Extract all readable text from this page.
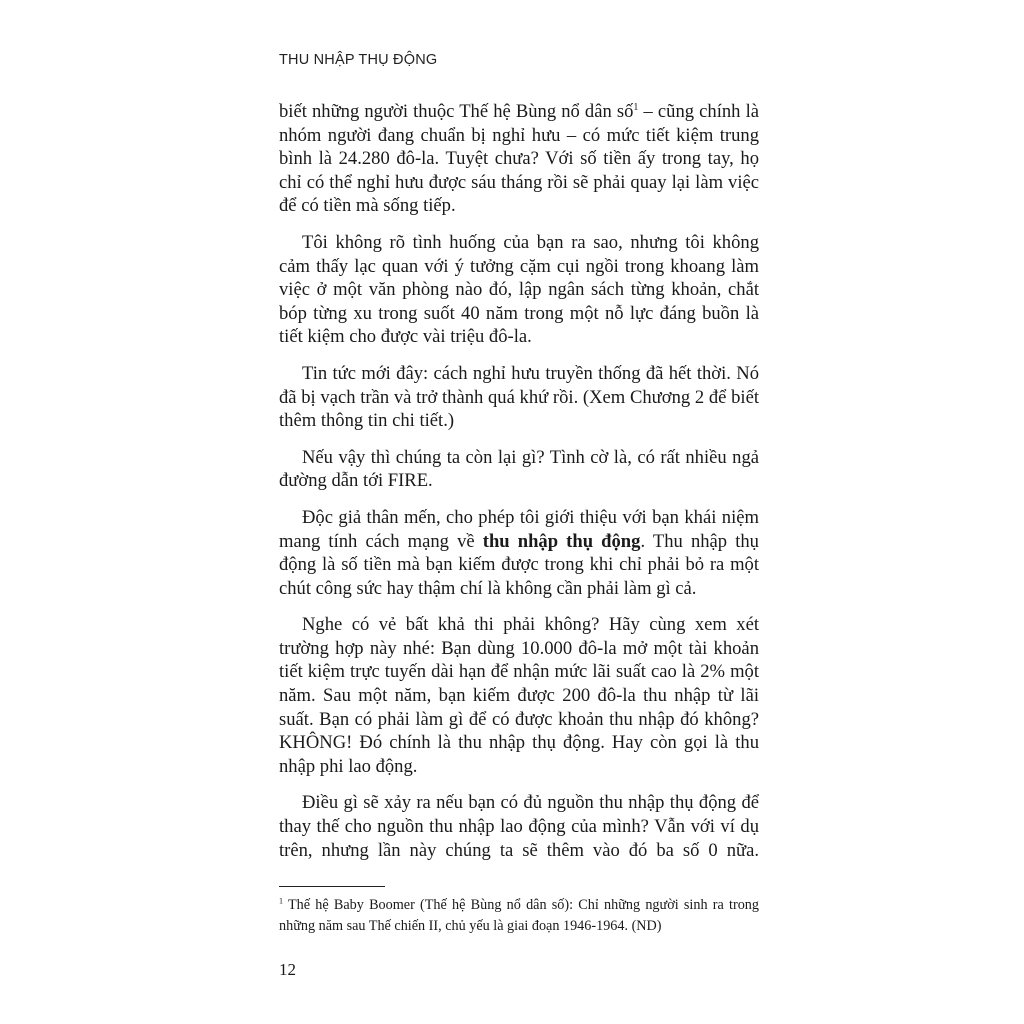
THU NHẬP THỤ ĐỘNG

biết những người thuộc Thế hệ Bùng nổ dân số$^1$ – cũng chính là nhóm người đang chuẩn bị nghỉ hưu – có mức tiết kiệm trung bình là 24.280 đô-la. Tuyệt chưa? Với số tiền ấy trong tay, họ chỉ có thể nghỉ hưu được sáu tháng rồi sẽ phải quay lại làm việc để có tiền mà sống tiếp.

Tôi không rõ tình huống của bạn ra sao, nhưng tôi không cảm thấy lạc quan với ý tưởng cặm cụi ngồi trong khoang làm việc ở một văn phòng nào đó, lập ngân sách từng khoản, chắt bóp từng xu trong suốt 40 năm trong một nỗ lực đáng buồn là tiết kiệm cho được vài triệu đô-la.

Tin tức mới đây: cách nghỉ hưu truyền thống đã hết thời. Nó đã bị vạch trần và trở thành quá khứ rồi. (Xem Chương 2 để biết thêm thông tin chi tiết.)

Nếu vậy thì chúng ta còn lại gì? Tình cờ là, có rất nhiều ngả đường dẫn tới FIRE.

Độc giả thân mến, cho phép tôi giới thiệu với bạn khái niệm mang tính cách mạng về thu nhập thụ động. Thu nhập thụ động là số tiền mà bạn kiếm được trong khi chỉ phải bỏ ra một chút công sức hay thậm chí là không cần phải làm gì cả.

Nghe có vẻ bất khả thi phải không? Hãy cùng xem xét trường hợp này nhé: Bạn dùng 10.000 đô-la mở một tài khoản tiết kiệm trực tuyến dài hạn để nhận mức lãi suất cao là 2% một năm. Sau một năm, bạn kiếm được 200 đô-la thu nhập từ lãi suất. Bạn có phải làm gì để có được khoản thu nhập đó không? KHÔNG! Đó chính là thu nhập thụ động. Hay còn gọi là thu nhập phi lao động.

Điều gì sẽ xảy ra nếu bạn có đủ nguồn thu nhập thụ động để thay thế cho nguồn thu nhập lao động của mình? Vẫn với ví dụ trên, nhưng lần này chúng ta sẽ thêm vào đó ba số 0 nữa.

$^1$ Thế hệ Baby Boomer (Thế hệ Bùng nổ dân số): Chỉ những người sinh ra trong những năm sau Thế chiến II, chủ yếu là giai đoạn 1946-1964. (ND)
12
